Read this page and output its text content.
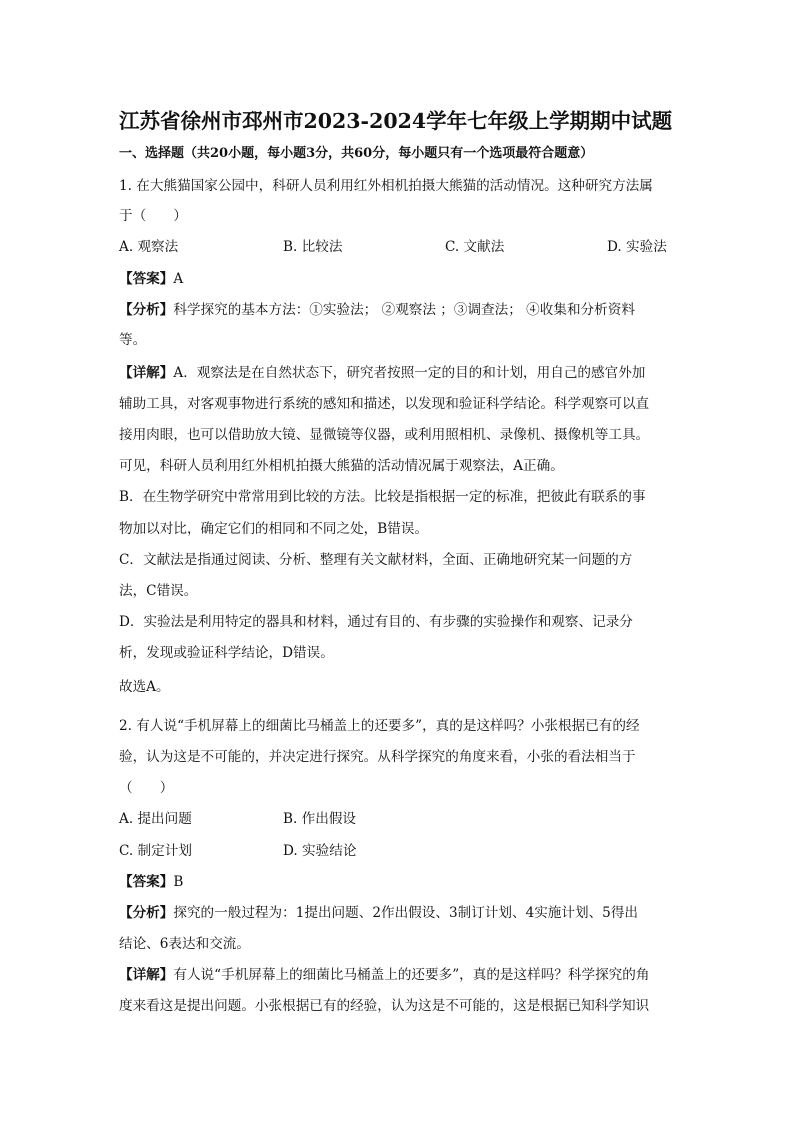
江苏省徐州市邳州市2023-2024学年七年级上学期期中试题
一、选择题（共20小题，每小题3分，共60分，每小题只有一个选项最符合题意）
1. 在大熊猫国家公园中，科研人员利用红外相机拍摄大熊猫的活动情况。这种研究方法属
于（　　）
A. 观察法	B. 比较法	C. 文献法	D. 实验法
【答案】A
【分析】科学探究的基本方法：①实验法； ②观察法 ；③调查法； ④收集和分析资料
等。
【详解】A．观察法是在自然状态下，研究者按照一定的目的和计划，用自己的感官外加
辅助工具，对客观事物进行系统的感知和描述，以发现和验证科学结论。科学观察可以直
接用肉眼，也可以借助放大镜、显微镜等仪器，或利用照相机、录像机、摄像机等工具。
可见，科研人员利用红外相机拍摄大熊猫的活动情况属于观察法，A正确。
B．在生物学研究中常常用到比较的方法。比较是指根据一定的标准，把彼此有联系的事
物加以对比，确定它们的相同和不同之处，B错误。
C．文献法是指通过阅读、分析、整理有关文献材料，全面、正确地研究某一问题的方
法，C错误。
D．实验法是利用特定的器具和材料，通过有目的、有步骤的实验操作和观察、记录分
析，发现或验证科学结论，D错误。
故选A。
2. 有人说“手机屏幕上的细菌比马桶盖上的还要多”，真的是这样吗？小张根据已有的经
验，认为这是不可能的，并决定进行探究。从科学探究的角度来看，小张的看法相当于
（　　）
A. 提出问题	B. 作出假设
C. 制定计划	D. 实验结论
【答案】B
【分析】探究的一般过程为：1提出问题、2作出假设、3制订计划、4实施计划、5得出
结论、6表达和交流。
【详解】有人说“手机屏幕上的细菌比马桶盖上的还要多”，真的是这样吗？科学探究的角
度来看这是提出问题。小张根据已有的经验，认为这是不可能的，这是根据已知科学知识
